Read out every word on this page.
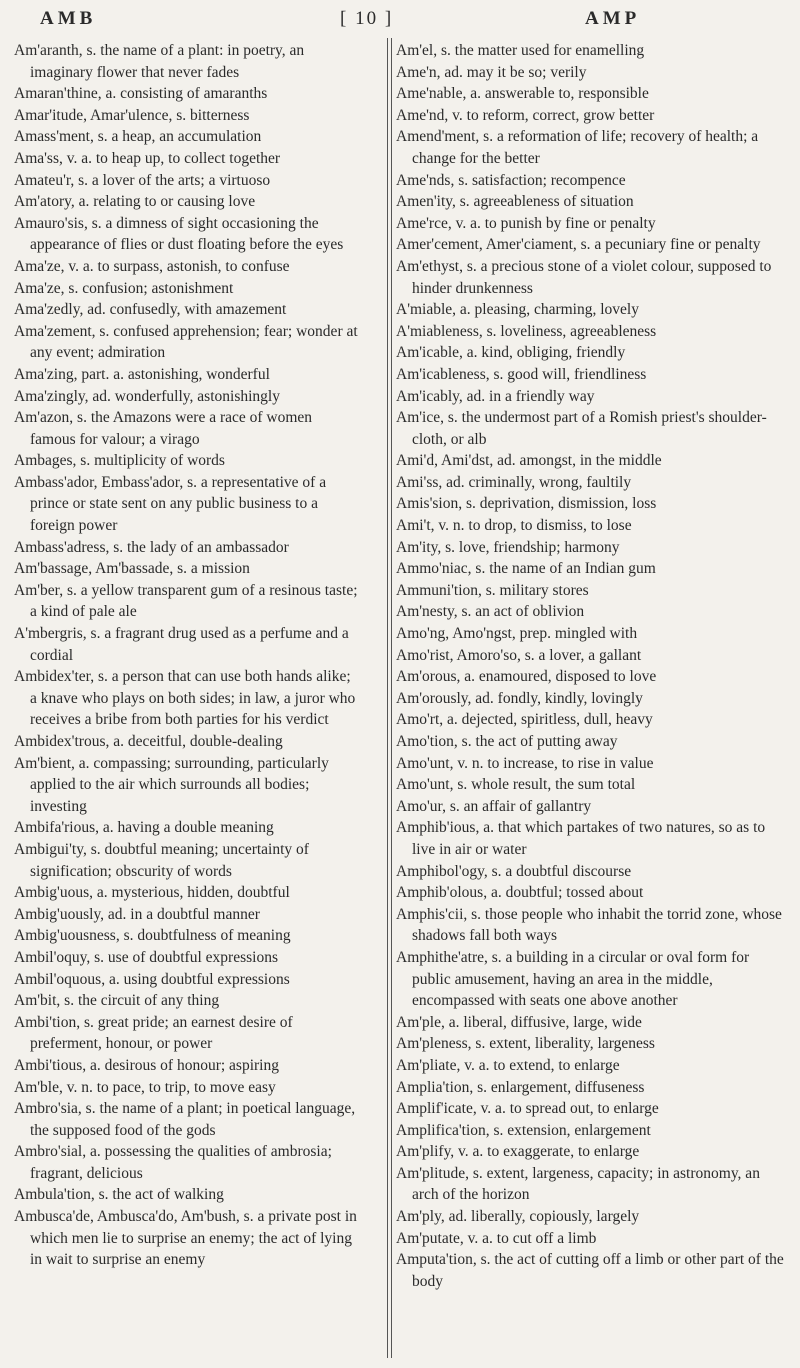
AMB	[ 10 ]	AMP

Am'aranth, s. the name of a plant: in poetry, an imaginary flower that never fades

Amaran'thine, a. consisting of amaranths

Amar'itude, Amar'ulence, s. bitterness

Amass'ment, s. a heap, an accumulation

Ama'ss, v. a. to heap up, to collect together

Amateu'r, s. a lover of the arts; a virtuoso

Am'atory, a. relating to or causing love

Amauro'sis, s. a dimness of sight occasioning the appearance of flies or dust floating before the eyes

Ama'ze, v. a. to surpass, astonish, to confuse

Ama'ze, s. confusion; astonishment

Ama'zedly, ad. confusedly, with amazement

Ama'zement, s. confused apprehension; fear; wonder at any event; admiration

Ama'zing, part. a. astonishing, wonderful

Ama'zingly, ad. wonderfully, astonishingly

Am'azon, s. the Amazons were a race of women famous for valour; a virago

Ambages, s. multiplicity of words

Ambass'ador, Embass'ador, s. a representative of a prince or state sent on any public business to a foreign power

Ambass'adress, s. the lady of an ambassador

Am'bassage, Am'bassade, s. a mission

Am'ber, s. a yellow transparent gum of a resinous taste; a kind of pale ale

A'mbergris, s. a fragrant drug used as a perfume and a cordial

Ambidex'ter, s. a person that can use both hands alike; a knave who plays on both sides; in law, a juror who receives a bribe from both parties for his verdict

Ambidex'trous, a. deceitful, double-dealing

Am'bient, a. compassing; surrounding, particularly applied to the air which surrounds all bodies; investing

Ambifa'rious, a. having a double meaning

Ambigui'ty, s. doubtful meaning; uncertainty of signification; obscurity of words

Ambig'uous, a. mysterious, hidden, doubtful

Ambig'uously, ad. in a doubtful manner

Ambig'uousness, s. doubtfulness of meaning

Ambil'oquy, s. use of doubtful expressions

Ambil'oquous, a. using doubtful expressions

Am'bit, s. the circuit of any thing

Ambi'tion, s. great pride; an earnest desire of preferment, honour, or power

Ambi'tious, a. desirous of honour; aspiring

Am'ble, v. n. to pace, to trip, to move easy

Ambro'sia, s. the name of a plant; in poetical language, the supposed food of the gods

Ambro'sial, a. possessing the qualities of ambrosia; fragrant, delicious

Ambula'tion, s. the act of walking

Ambusca'de, Ambusca'do, Am'bush, s. a private post in which men lie to surprise an enemy; the act of lying in wait to surprise an enemy

Am'el, s. the matter used for enamelling

Ame'n, ad. may it be so; verily

Ame'nable, a. answerable to, responsible

Ame'nd, v. to reform, correct, grow better

Amend'ment, s. a reformation of life; recovery of health; a change for the better

Ame'nds, s. satisfaction; recompence

Amen'ity, s. agreeableness of situation

Ame'rce, v. a. to punish by fine or penalty

Amer'cement, Amer'ciament, s. a pecuniary fine or penalty

Am'ethyst, s. a precious stone of a violet colour, supposed to hinder drunkenness

A'miable, a. pleasing, charming, lovely

A'miableness, s. loveliness, agreeableness

Am'icable, a. kind, obliging, friendly

Am'icableness, s. good will, friendliness

Am'icably, ad. in a friendly way

Am'ice, s. the undermost part of a Romish priest's shoulder-cloth, or alb

Ami'd, Ami'dst, ad. amongst, in the middle

Ami'ss, ad. criminally, wrong, faultily

Amis'sion, s. deprivation, dismission, loss

Ami't, v. n. to drop, to dismiss, to lose

Am'ity, s. love, friendship; harmony

Ammo'niac, s. the name of an Indian gum

Ammuni'tion, s. military stores

Am'nesty, s. an act of oblivion

Amo'ng, Amo'ngst, prep. mingled with

Amo'rist, Amoro'so, s. a lover, a gallant

Am'orous, a. enamoured, disposed to love

Am'orously, ad. fondly, kindly, lovingly

Amo'rt, a. dejected, spiritless, dull, heavy

Amo'tion, s. the act of putting away

Amo'unt, v. n. to increase, to rise in value

Amo'unt, s. whole result, the sum total

Amo'ur, s. an affair of gallantry

Amphib'ious, a. that which partakes of two natures, so as to live in air or water

Amphibol'ogy, s. a doubtful discourse

Amphib'olous, a. doubtful; tossed about

Amphis'cii, s. those people who inhabit the torrid zone, whose shadows fall both ways

Amphithe'atre, s. a building in a circular or oval form for public amusement, having an area in the middle, encompassed with seats one above another

Am'ple, a. liberal, diffusive, large, wide

Am'pleness, s. extent, liberality, largeness

Am'pliate, v. a. to extend, to enlarge

Amplia'tion, s. enlargement, diffuseness

Amplif'icate, v. a. to spread out, to enlarge

Amplifica'tion, s. extension, enlargement

Am'plify, v. a. to exaggerate, to enlarge

Am'plitude, s. extent, largeness, capacity; in astronomy, an arch of the horizon

Am'ply, ad. liberally, copiously, largely

Am'putate, v. a. to cut off a limb

Amputa'tion, s. the act of cutting off a limb or other part of the body
